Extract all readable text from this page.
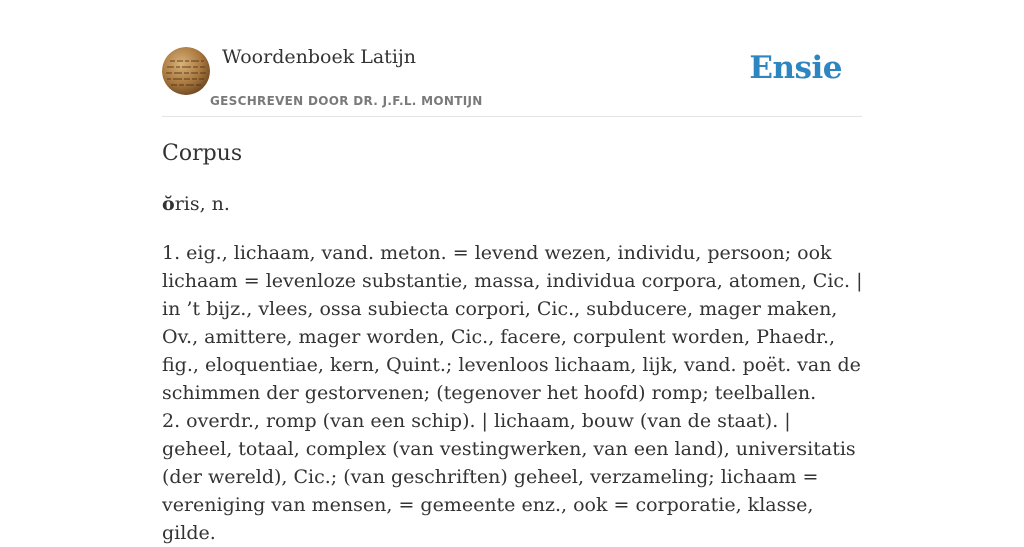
Woordenboek Latijn
GESCHREVEN DOOR DR. J.F.L. MONTIJN
Ensie
Corpus
ŏris, n.

1. eig., lichaam, vand. meton. = levend wezen, individu, persoon; ook lichaam = levenloze substantie, massa, individua corpora, atomen, Cic. | in ’t bijz., vlees, ossa subiecta corpori, Cic., subducere, mager maken, Ov., amittere, mager worden, Cic., facere, corpulent worden, Phaedr., fig., eloquentiae, kern, Quint.; levenloos lichaam, lijk, vand. poët. van de schimmen der gestorvenen; (tegenover het hoofd) romp; teelballen.

2. overdr., romp (van een schip). | lichaam, bouw (van de staat). | geheel, totaal, complex (van vestingwerken, van een land), universitatis (der wereld), Cic.; (van geschriften) geheel, verzameling; lichaam = vereniging van mensen, = gemeente enz., ook = corporatie, klasse, gilde.
